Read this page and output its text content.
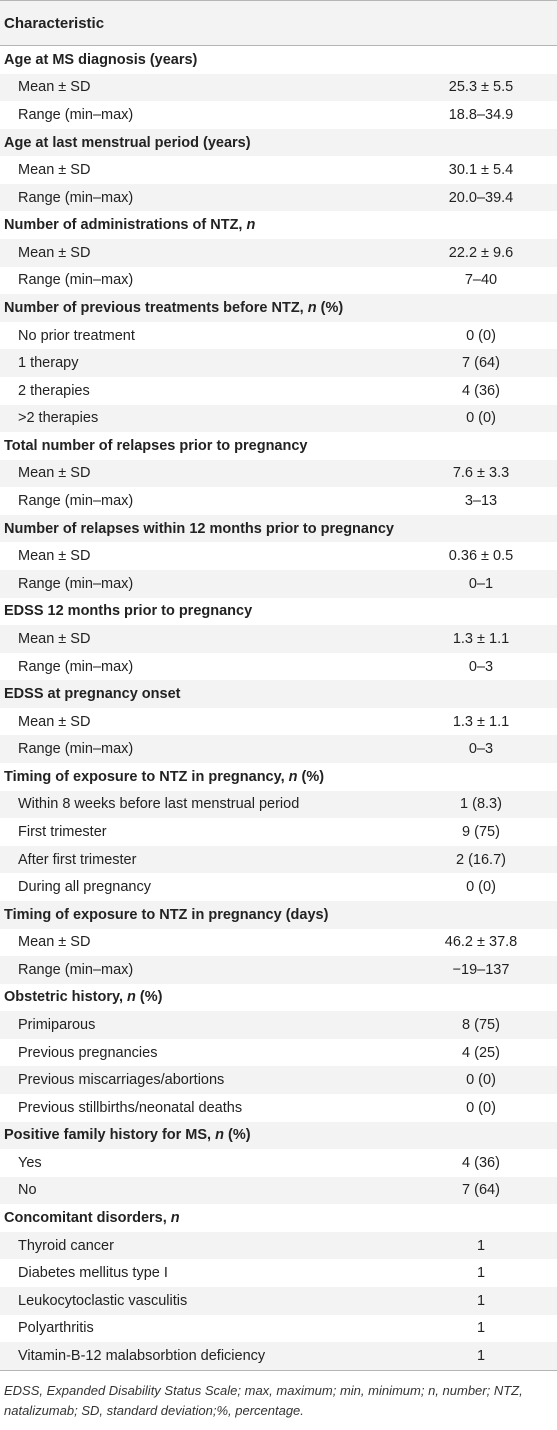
Characteristic
Age at MS diagnosis (years)
Mean ± SD	25.3 ± 5.5
Range (min–max)	18.8–34.9
Age at last menstrual period (years)
Mean ± SD	30.1 ± 5.4
Range (min–max)	20.0–39.4
Number of administrations of NTZ, n
Mean ± SD	22.2 ± 9.6
Range (min–max)	7–40
Number of previous treatments before NTZ, n (%)
No prior treatment	0 (0)
1 therapy	7 (64)
2 therapies	4 (36)
>2 therapies	0 (0)
Total number of relapses prior to pregnancy
Mean ± SD	7.6 ± 3.3
Range (min–max)	3–13
Number of relapses within 12 months prior to pregnancy
Mean ± SD	0.36 ± 0.5
Range (min–max)	0–1
EDSS 12 months prior to pregnancy
Mean ± SD	1.3 ± 1.1
Range (min–max)	0–3
EDSS at pregnancy onset
Mean ± SD	1.3 ± 1.1
Range (min–max)	0–3
Timing of exposure to NTZ in pregnancy, n (%)
Within 8 weeks before last menstrual period	1 (8.3)
First trimester	9 (75)
After first trimester	2 (16.7)
During all pregnancy	0 (0)
Timing of exposure to NTZ in pregnancy (days)
Mean ± SD	46.2 ± 37.8
Range (min–max)	−19–137
Obstetric history, n (%)
Primiparous	8 (75)
Previous pregnancies	4 (25)
Previous miscarriages/abortions	0 (0)
Previous stillbirths/neonatal deaths	0 (0)
Positive family history for MS, n (%)
Yes	4 (36)
No	7 (64)
Concomitant disorders, n
Thyroid cancer	1
Diabetes mellitus type I	1
Leukocytoclastic vasculitis	1
Polyarthritis	1
Vitamin-B-12 malabsorbtion deficiency	1
EDSS, Expanded Disability Status Scale; max, maximum; min, minimum; n, number; NTZ, natalizumab; SD, standard deviation;%, percentage.
